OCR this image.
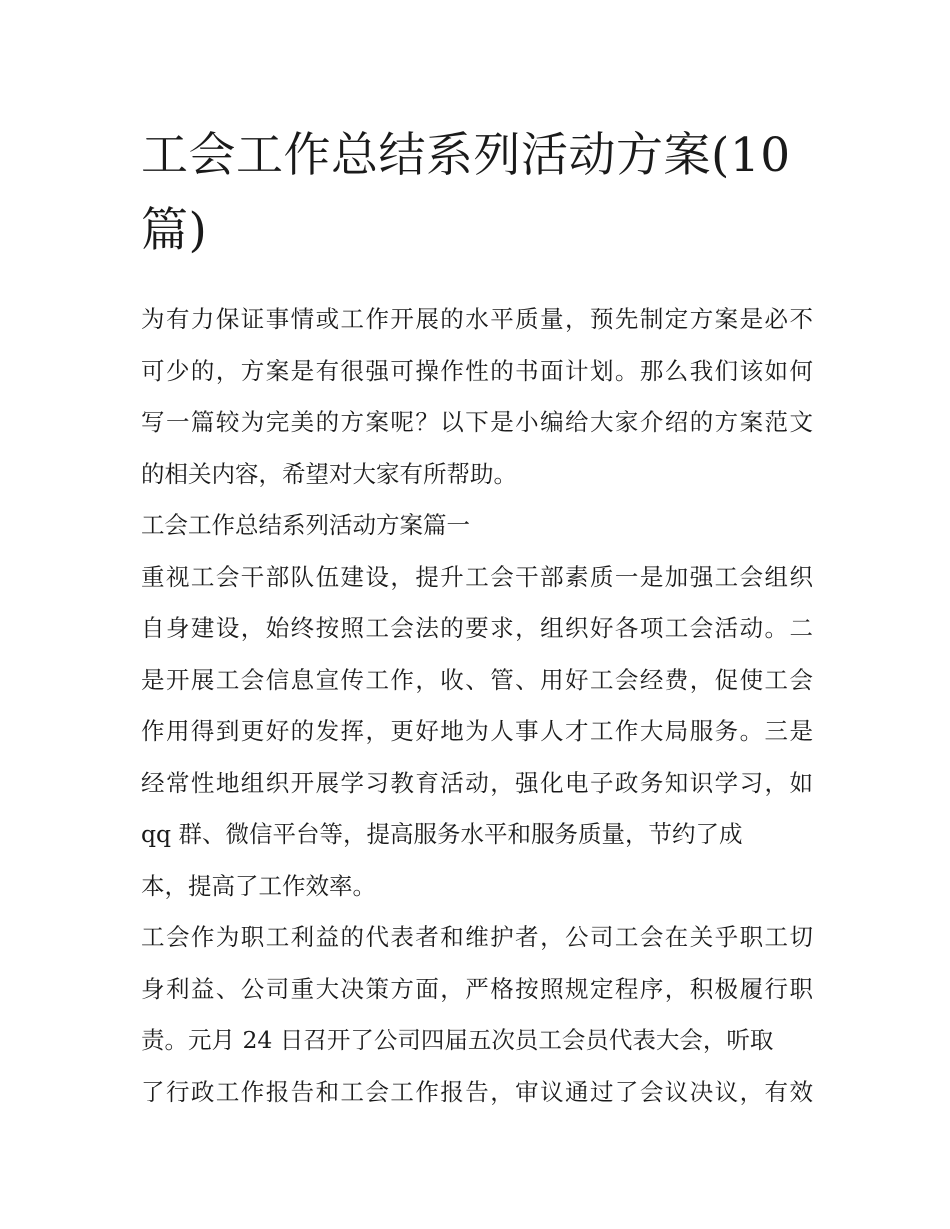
工会工作总结系列活动方案(10
篇)
为有力保证事情或工作开展的水平质量，预先制定方案是必不
可少的，方案是有很强可操作性的书面计划。那么我们该如何
写一篇较为完美的方案呢？以下是小编给大家介绍的方案范文
的相关内容，希望对大家有所帮助。
工会工作总结系列活动方案篇一
重视工会干部队伍建设，提升工会干部素质一是加强工会组织
自身建设，始终按照工会法的要求，组织好各项工会活动。二
是开展工会信息宣传工作，收、管、用好工会经费，促使工会
作用得到更好的发挥，更好地为人事人才工作大局服务。三是
经常性地组织开展学习教育活动，强化电子政务知识学习，如
qq 群、微信平台等，提高服务水平和服务质量，节约了成
本，提高了工作效率。
工会作为职工利益的代表者和维护者，公司工会在关乎职工切
身利益、公司重大决策方面，严格按照规定程序，积极履行职
责。元月 24 日召开了公司四届五次员工会员代表大会，听取
了行政工作报告和工会工作报告，审议通过了会议决议，有效
